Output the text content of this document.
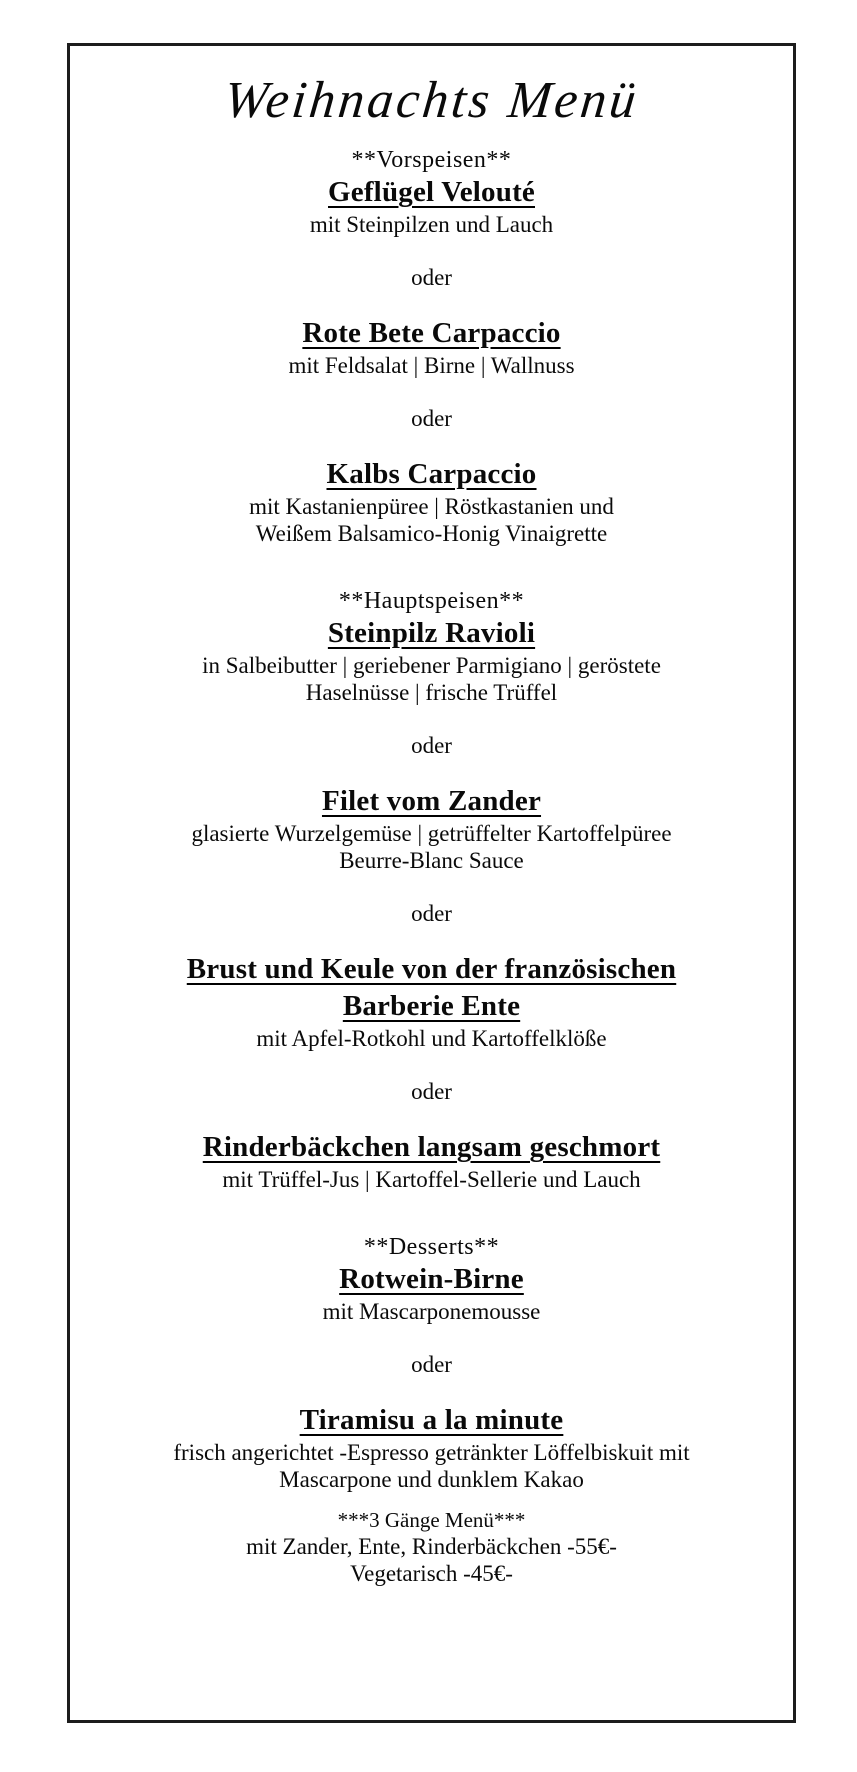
Weihnachts Menü

**Vorspeisen**

Geflügel Velouté

mit Steinpilzen und Lauch

oder

Rote Bete Carpaccio

mit Feldsalat | Birne | Wallnuss

oder

Kalbs Carpaccio

mit Kastanienpüree | Röstkastanien und

Weißem Balsamico-Honig Vinaigrette

**Hauptspeisen**

Steinpilz Ravioli

in Salbeibutter | geriebener Parmigiano | geröstete

Haselnüsse | frische Trüffel

oder

Filet vom Zander

glasierte Wurzelgemüse | getrüffelter Kartoffelpüree

Beurre-Blanc Sauce

oder

Brust und Keule von der französischen Barberie Ente

mit Apfel-Rotkohl und Kartoffelklöße

oder

Rinderbäckchen langsam geschmort

mit Trüffel-Jus | Kartoffel-Sellerie und Lauch

**Desserts**

Rotwein-Birne

mit Mascarponemousse

oder

Tiramisu a la minute

frisch angerichtet -Espresso getränkter Löffelbiskuit mit

Mascarpone und dunklem Kakao

***3 Gänge Menü***

mit Zander, Ente, Rinderbäckchen -55€-

Vegetarisch -45€-
